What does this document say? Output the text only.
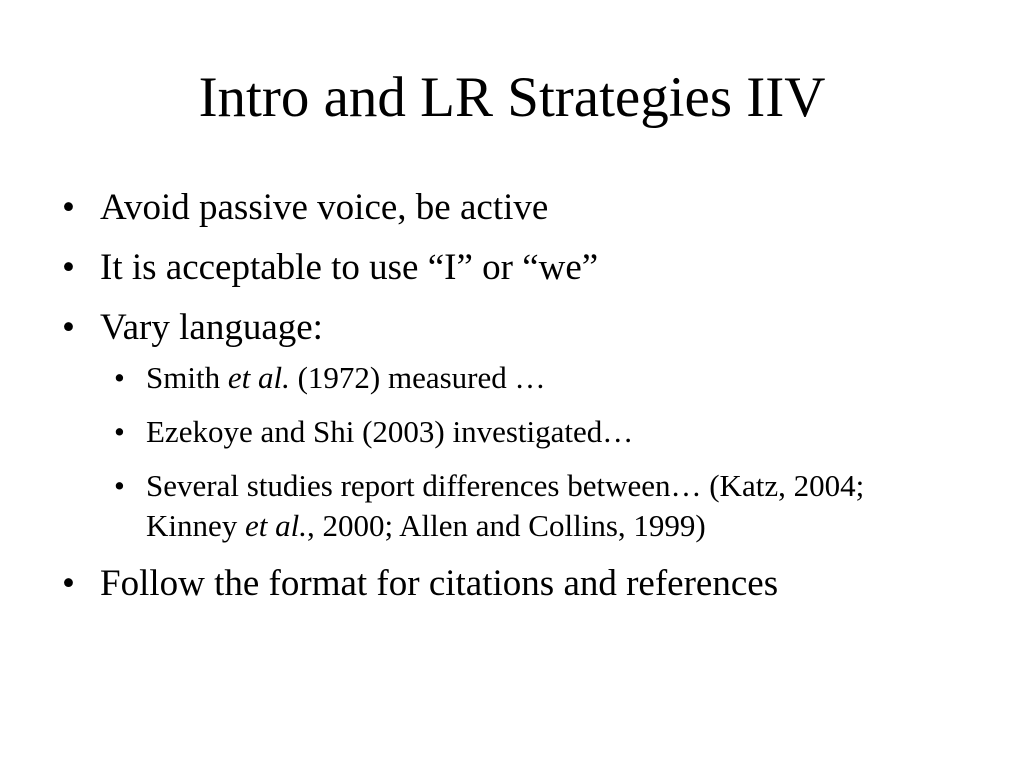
Intro and LR Strategies IIV
• Avoid passive voice, be active
• It is acceptable to use “I” or “we”
• Vary language:
• Smith et al. (1972) measured …
• Ezekoye and Shi (2003) investigated…
• Several studies report differences between… (Katz, 2004; Kinney et al., 2000; Allen and Collins, 1999)
• Follow the format for citations and references
